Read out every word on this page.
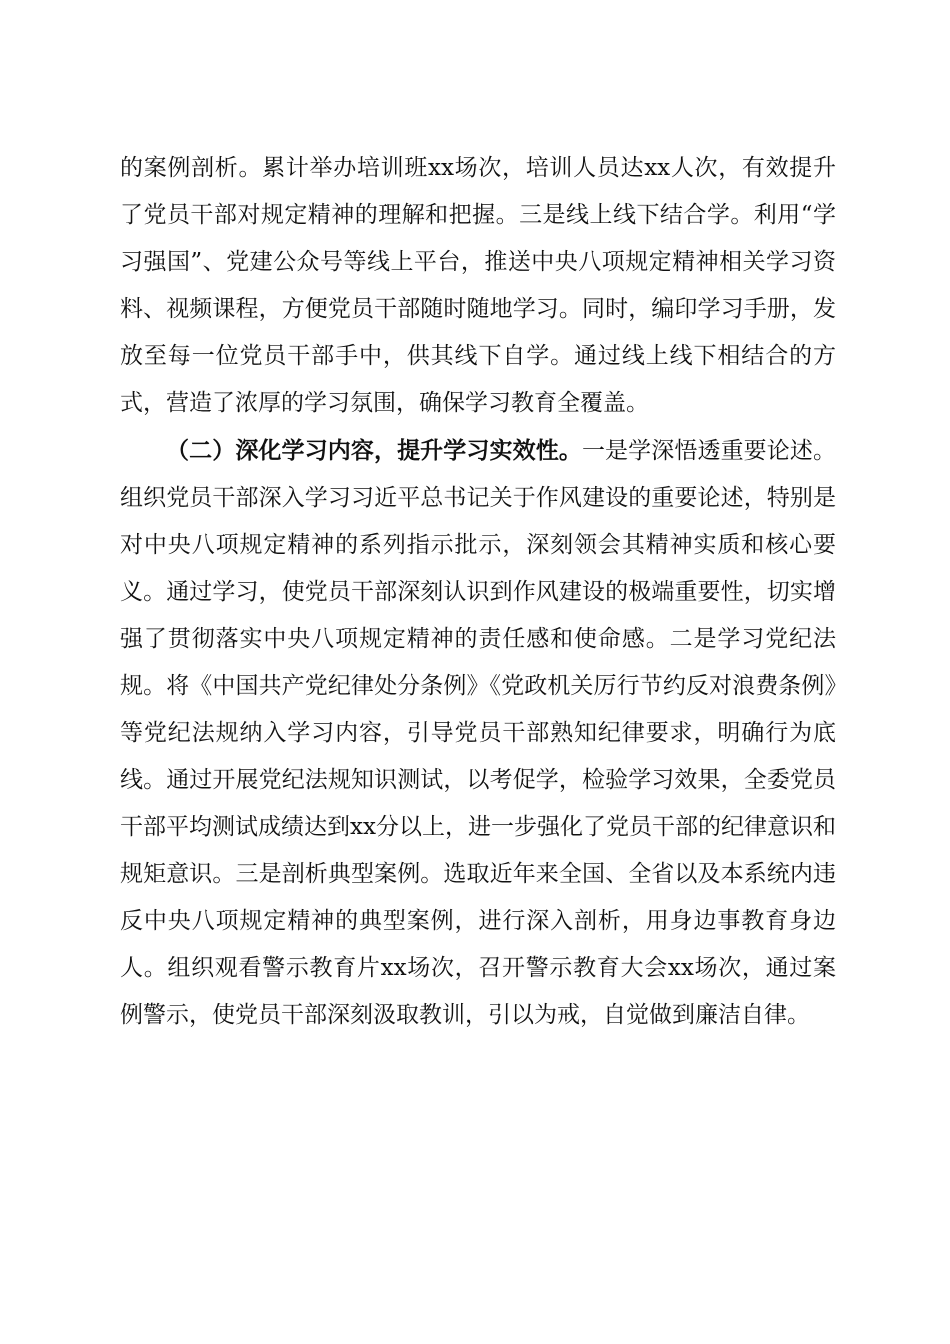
的案例剖析。累计举办培训班xx场次，培训人员达xx人次，有效提升了党员干部对规定精神的理解和把握。三是线上线下结合学。利用“学习强国”、党建公众号等线上平台，推送中央八项规定精神相关学习资料、视频课程，方便党员干部随时随地学习。同时，编印学习手册，发放至每一位党员干部手中，供其线下自学。通过线上线下相结合的方式，营造了浓厚的学习氛围，确保学习教育全覆盖。

（二）深化学习内容，提升学习实效性。一是学深悟透重要论述。组织党员干部深入学习习近平总书记关于作风建设的重要论述，特别是对中央八项规定精神的系列指示批示，深刻领会其精神实质和核心要义。通过学习，使党员干部深刻认识到作风建设的极端重要性，切实增强了贯彻落实中央八项规定精神的责任感和使命感。二是学习党纪法规。将《中国共产党纪律处分条例》《党政机关厉行节约反对浪费条例》等党纪法规纳入学习内容，引导党员干部熟知纪律要求，明确行为底线。通过开展党纪法规知识测试，以考促学，检验学习效果，全委党员干部平均测试成绩达到xx分以上，进一步强化了党员干部的纪律意识和规矩意识。三是剖析典型案例。选取近年来全国、全省以及本系统内违反中央八项规定精神的典型案例，进行深入剖析，用身边事教育身边人。组织观看警示教育片xx场次，召开警示教育大会xx场次，通过案例警示，使党员干部深刻汲取教训，引以为戒，自觉做到廉洁自律。
